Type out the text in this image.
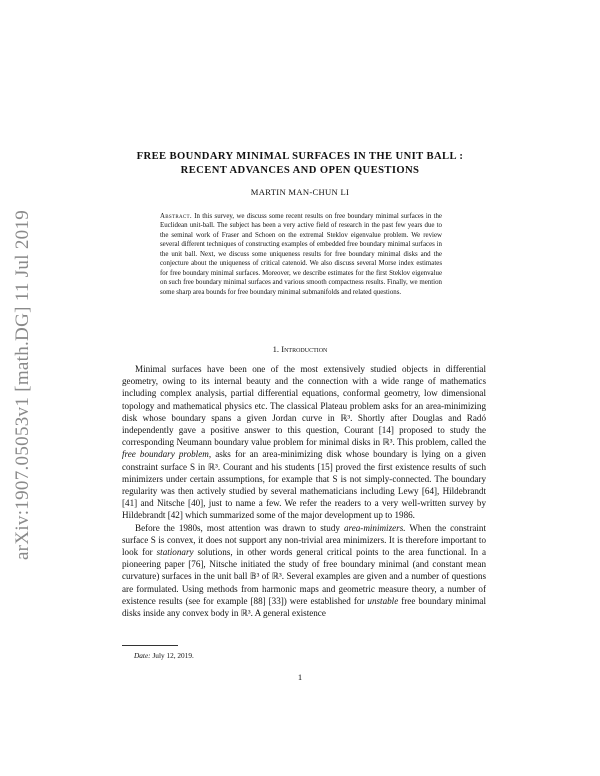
arXiv:1907.05053v1 [math.DG] 11 Jul 2019
FREE BOUNDARY MINIMAL SURFACES IN THE UNIT BALL :
RECENT ADVANCES AND OPEN QUESTIONS
MARTIN MAN-CHUN LI
Abstract. In this survey, we discuss some recent results on free boundary minimal surfaces in the Euclidean unit-ball. The subject has been a very active field of research in the past few years due to the seminal work of Fraser and Schoen on the extremal Steklov eigenvalue problem. We review several different techniques of constructing examples of embedded free boundary minimal surfaces in the unit ball. Next, we discuss some uniqueness results for free boundary minimal disks and the conjecture about the uniqueness of critical catenoid. We also discuss several Morse index estimates for free boundary minimal surfaces. Moreover, we describe estimates for the first Steklov eigenvalue on such free boundary minimal surfaces and various smooth compactness results. Finally, we mention some sharp area bounds for free boundary minimal submanifolds and related questions.
1. Introduction

Minimal surfaces have been one of the most extensively studied objects in differential geometry, owing to its internal beauty and the connection with a wide range of mathematics including complex analysis, partial differential equations, conformal geometry, low dimensional topology and mathematical physics etc. The classical Plateau problem asks for an area-minimizing disk whose boundary spans a given Jordan curve in ℝ³. Shortly after Douglas and Radó independently gave a positive answer to this question, Courant [14] proposed to study the corresponding Neumann boundary value problem for minimal disks in ℝ³. This problem, called the free boundary problem, asks for an area-minimizing disk whose boundary is lying on a given constraint surface S in ℝ³. Courant and his students [15] proved the first existence results of such minimizers under certain assumptions, for example that S is not simply-connected. The boundary regularity was then actively studied by several mathematicians including Lewy [64], Hildebrandt [41] and Nitsche [40], just to name a few. We refer the readers to a very well-written survey by Hildebrandt [42] which summarized some of the major development up to 1986.

Before the 1980s, most attention was drawn to study area-minimizers. When the constraint surface S is convex, it does not support any non-trivial area minimizers. It is therefore important to look for stationary solutions, in other words general critical points to the area functional. In a pioneering paper [76], Nitsche initiated the study of free boundary minimal (and constant mean curvature) surfaces in the unit ball 𝔹³ of ℝ³. Several examples are given and a number of questions are formulated. Using methods from harmonic maps and geometric measure theory, a number of existence results (see for example [88] [33]) were established for unstable free boundary minimal disks inside any convex body in ℝ³. A general existence

Date: July 12, 2019.
1
